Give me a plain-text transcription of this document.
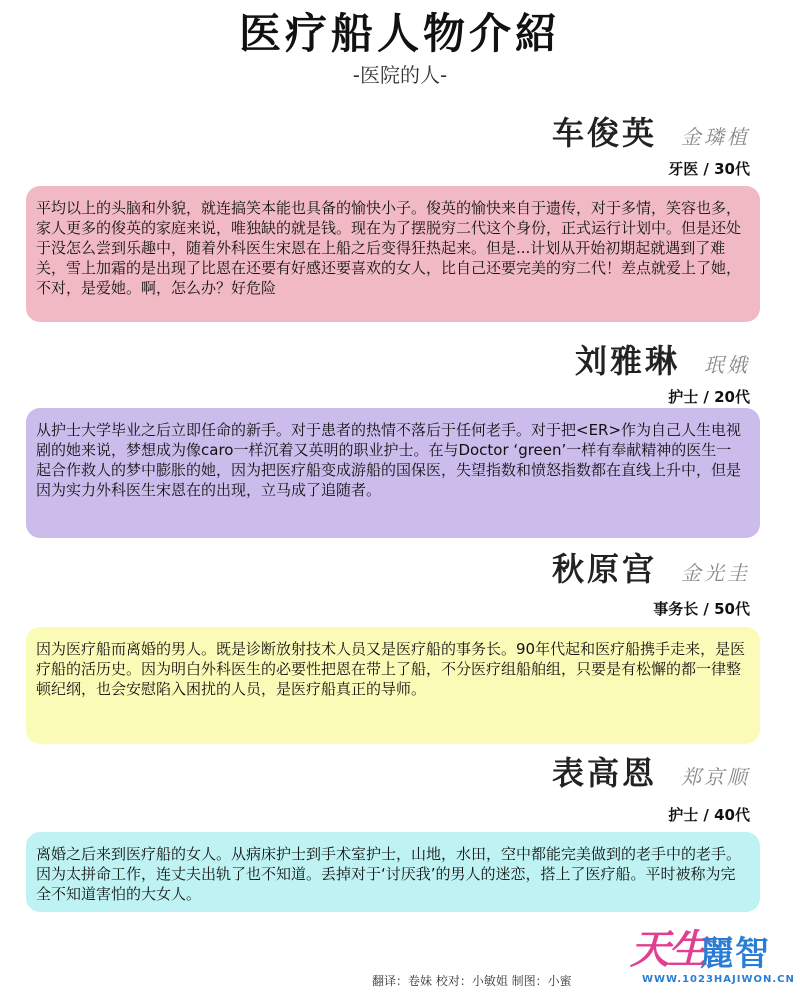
医疗船人物介紹
-医院的人-
车俊英 金璘植
牙医 / 30代
平均以上的头脑和外貌，就连搞笑本能也具备的愉快小子。俊英的愉快来自于遗传，对于多情，笑容也多，家人更多的俊英的家庭来说，唯独缺的就是钱。现在为了摆脱穷二代这个身份，正式运行计划中。但是还处于没怎么尝到乐趣中，随着外科医生宋恩在上船之后变得狂热起来。但是...计划从开始初期起就遇到了难关，雪上加霜的是出现了比恩在还要有好感还要喜欢的女人，比自己还要完美的穷二代！差点就爱上了她，不对，是爱她。啊，怎么办？好危险
刘雅琳 珉娥
护士 / 20代
从护士大学毕业之后立即任命的新手。对于患者的热情不落后于任何老手。对于把<ER>作为自己人生电视剧的她来说，梦想成为像caro一样沉着又英明的职业护士。在与Doctor ‘green’一样有奉献精神的医生一起合作救人的梦中膨胀的她，因为把医疗船变成游船的国保医，失望指数和愤怒指数都在直线上升中，但是因为实力外科医生宋恩在的出现，立马成了追随者。
秋原宫 金光圭
事务长 / 50代
因为医疗船而离婚的男人。既是诊断放射技术人员又是医疗船的事务长。90年代起和医疗船携手走来，是医疗船的活历史。因为明白外科医生的必要性把恩在带上了船，不分医疗组船舶组，只要是有松懈的都一律整顿纪纲，也会安慰陷入困扰的人员，是医疗船真正的导师。
表高恩 郑京顺
护士 / 40代
离婚之后来到医疗船的女人。从病床护士到手术室护士，山地，水田，空中都能完美做到的老手中的老手。因为太拼命工作，连丈夫出轨了也不知道。丢掉对于‘讨厌我’的男人的迷恋，搭上了医疗船。平时被称为完全不知道害怕的大女人。
翻译：卷妹 校对：小敏姐 制图：小蜜
天生
麗智
WWW.1023HAJIWON.CN
